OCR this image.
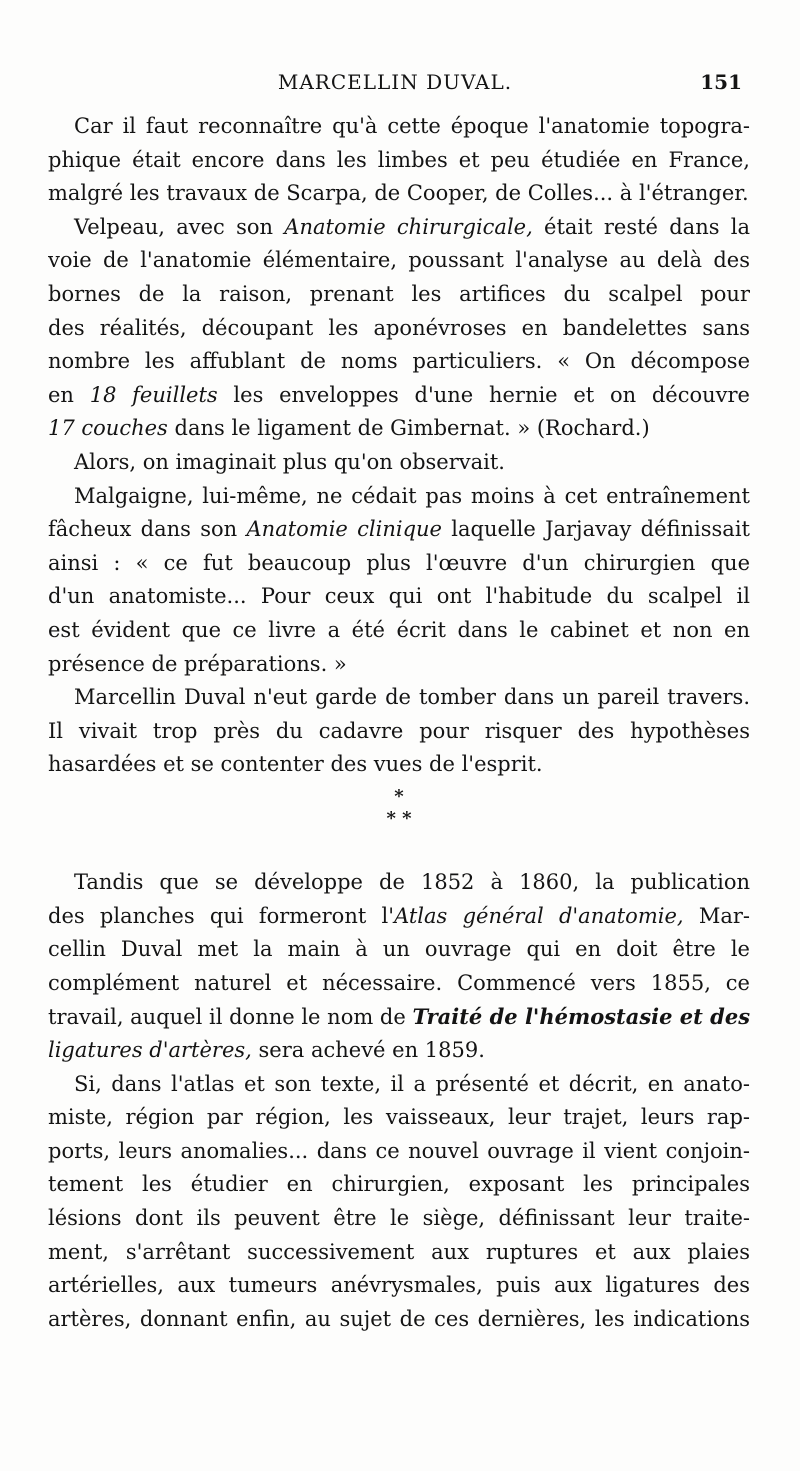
MARCELLIN DUVAL.	151
Car il faut reconnaître qu'à cette époque l'anatomie topogra-
phique était encore dans les limbes et peu étudiée en France,
malgré les travaux de Scarpa, de Cooper, de Colles... à l'étranger.
Velpeau, avec son Anatomie chirurgicale, était resté dans la
voie de l'anatomie élémentaire, poussant l'analyse au delà des
bornes de la raison, prenant les artifices du scalpel pour
des réalités, découpant les aponévroses en bandelettes sans
nombre les affublant de noms particuliers. « On décompose
en 18 feuillets les enveloppes d'une hernie et on découvre
17 couches dans le ligament de Gimbernat. » (Rochard.)
Alors, on imaginait plus qu'on observait.
Malgaigne, lui-même, ne cédait pas moins à cet entraînement
fâcheux dans son Anatomie clinique laquelle Jarjavay définissait
ainsi : « ce fut beaucoup plus l'œuvre d'un chirurgien que
d'un anatomiste... Pour ceux qui ont l'habitude du scalpel il
est évident que ce livre a été écrit dans le cabinet et non en
présence de préparations. »
Marcellin Duval n'eut garde de tomber dans un pareil travers.
Il vivait trop près du cadavre pour risquer des hypothèses
hasardées et se contenter des vues de l'esprit.
*
* *
Tandis que se développe de 1852 à 1860, la publication
des planches qui formeront l'Atlas général d'anatomie, Mar-
cellin Duval met la main à un ouvrage qui en doit être le
complément naturel et nécessaire. Commencé vers 1855, ce
travail, auquel il donne le nom de Traité de l'hémostasie et des
ligatures d'artères, sera achevé en 1859.
Si, dans l'atlas et son texte, il a présenté et décrit, en anato-
miste, région par région, les vaisseaux, leur trajet, leurs rap-
ports, leurs anomalies... dans ce nouvel ouvrage il vient conjoin-
tement les étudier en chirurgien, exposant les principales
lésions dont ils peuvent être le siège, définissant leur traite-
ment, s'arrêtant successivement aux ruptures et aux plaies
artérielles, aux tumeurs anévrysmales, puis aux ligatures des
artères, donnant enfin, au sujet de ces dernières, les indications
